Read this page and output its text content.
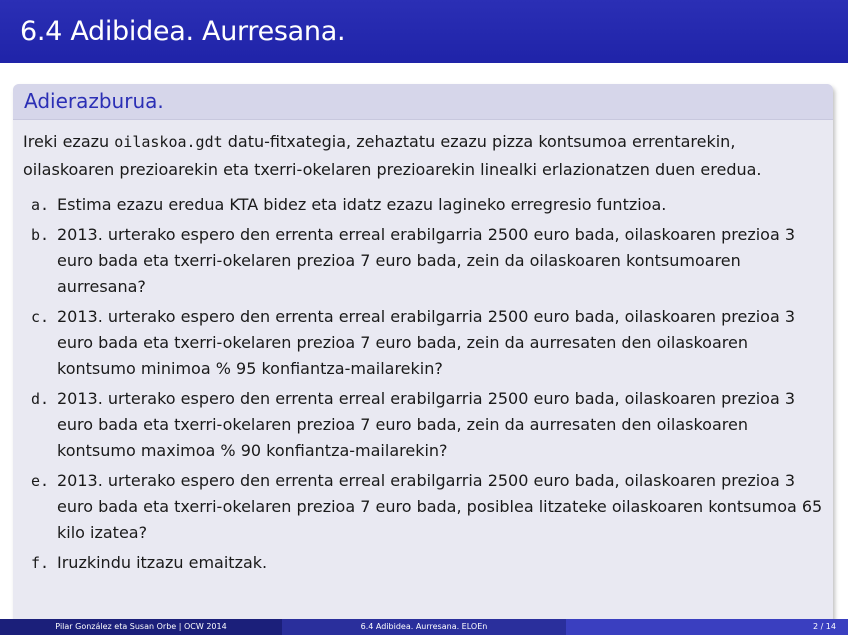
6.4 Adibidea. Aurresana.
Adierazburua.

Ireki ezazu oilaskoa.gdt datu-fitxategia, zehaztatu ezazu pizza kontsumoa errentarekin, oilaskoaren prezioarekin eta txerri-okelaren prezioarekin linealki erlazionatzen duen eredua.

a. Estima ezazu eredua KTA bidez eta idatz ezazu lagineko erregresio funtzioa.
b. 2013. urterako espero den errenta erreal erabilgarria 2500 euro bada, oilaskoaren prezioa 3 euro bada eta txerri-okelaren prezioa 7 euro bada, zein da oilaskoaren kontsumoaren aurresana?
c. 2013. urterako espero den errenta erreal erabilgarria 2500 euro bada, oilaskoaren prezioa 3 euro bada eta txerri-okelaren prezioa 7 euro bada, zein da aurresaten den oilaskoaren kontsumo minimoa % 95 konfiantza-mailarekin?
d. 2013. urterako espero den errenta erreal erabilgarria 2500 euro bada, oilaskoaren prezioa 3 euro bada eta txerri-okelaren prezioa 7 euro bada, zein da aurresaten den oilaskoaren kontsumo maximoa % 90 konfiantza-mailarekin?
e. 2013. urterako espero den errenta erreal erabilgarria 2500 euro bada, oilaskoaren prezioa 3 euro bada eta txerri-okelaren prezioa 7 euro bada, posiblea litzateke oilaskoaren kontsumoa 65 kilo izatea?
f. Iruzkindu itzazu emaitzak.
Pilar González eta Susan Orbe | OCW 2014	6.4 Adibidea. Aurresana. ELOEn	2 / 14
